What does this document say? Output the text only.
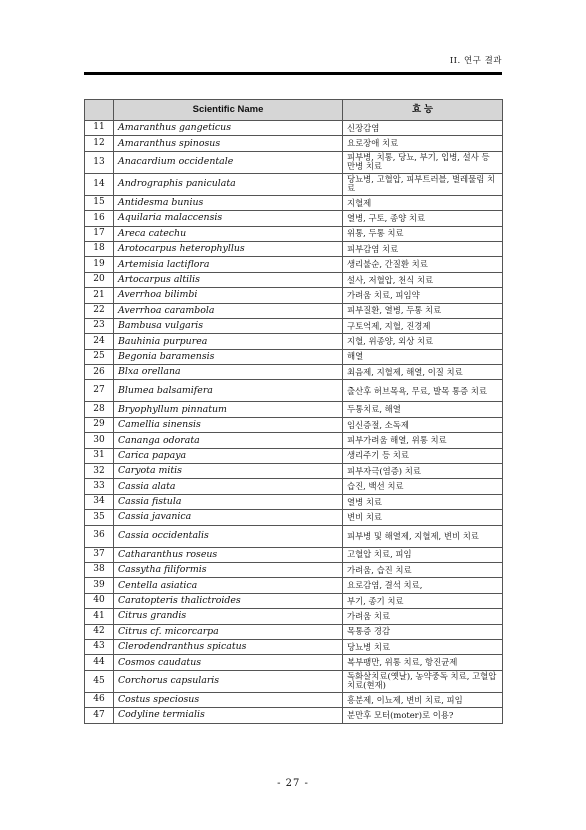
II. 연구 결과
	Scientific Name	효 능
11	Amaranthus gangeticus	신장감염
12	Amaranthus spinosus	요로장애 치료
13	Anacardium occidentale	피부병, 치통, 당뇨, 부기, 입병, 설사 등 만병 치료
14	Andrographis paniculata	당뇨병, 고혈압, 피부트러블, 벌레물림 치료
15	Antidesma bunius	지혈제
16	Aquilaria malaccensis	열병, 구토, 종양 치료
17	Areca catechu	위통, 두통 치료
18	Arotocarpus heterophyllus	피부감염 치료
19	Artemisia lactiflora	생리불순, 간질환 치료
20	Artocarpus altilis	설사, 저혈압, 천식 치료
21	Averrhoa bilimbi	가려움 치료, 피임약
22	Averrhoa carambola	피부질환, 열병, 두통 치료
23	Bambusa vulgaris	구토억제, 지혈, 진경제
24	Bauhinia purpurea	지혈, 위종양, 외상 치료
25	Begonia baramensis	해열
26	Blxa orellana	최음제, 지혈제, 해열, 이질 치료
27	Blumea balsamifera	출산후 허브목욕, 무료, 발목 통증 치료
28	Bryophyllum pinnatum	두통치료, 해열
29	Camellia sinensis	임신증절, 소독제
30	Cananga odorata	피부가려움 해열, 위통 치료
31	Carica papaya	생리주기 등 치료
32	Caryota mitis	피부자극(염증) 치료
33	Cassia alata	습진, 백선 치료
34	Cassia fistula	열병 치료
35	Cassia javanica	변비 치료
36	Cassia occidentalis	피부병 및 해열제, 지혈제, 변비 치료
37	Catharanthus roseus	고혈압 치료, 피임
38	Cassytha filiformis	가려움, 습진 치료
39	Centella asiatica	요로감염, 결석 치료,
40	Caratopteris thalictroides	부기, 종기 치료
41	Citrus grandis	가려움 치료
42	Citrus cf. micorcarpa	목통증 경감
43	Clerodendranthus spicatus	당뇨병 치료
44	Cosmos caudatus	복부팽만, 위통 치료, 항진균제
45	Corchorus capsularis	독화살치료(옛날), 농약중독 치료, 고혈압 치료(현재)
46	Costus speciosus	흥분제, 이뇨제, 변비 치료, 피임
47	Codyline termialis	분만후 모터(moter)로 이용?
- 27 -
